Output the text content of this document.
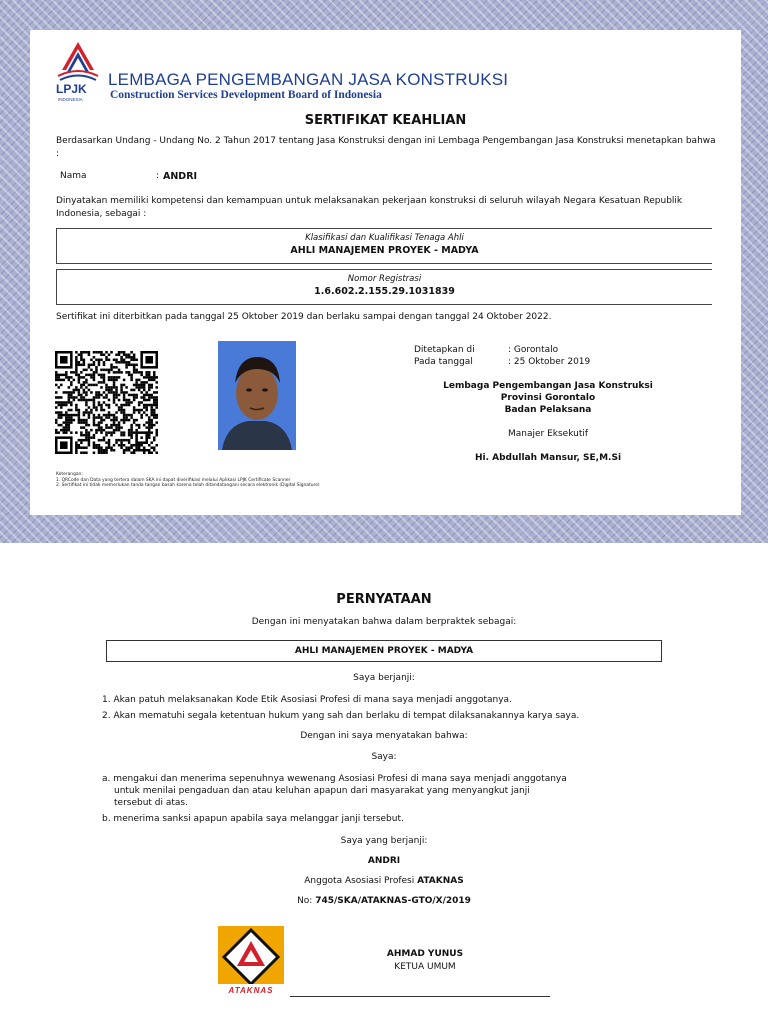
LPJK
INDONESIA
LEMBAGA PENGEMBANGAN JASA KONSTRUKSI
Construction Services Development Board of Indonesia
SERTIFIKAT KEAHLIAN
Berdasarkan Undang - Undang No. 2 Tahun 2017 tentang Jasa Konstruksi dengan ini Lembaga Pengembangan Jasa Konstruksi menetapkan bahwa :
Nama	: ANDRI
Dinyatakan memiliki kompetensi dan kemampuan untuk melaksanakan pekerjaan konstruksi di seluruh wilayah Negara Kesatuan Republik Indonesia, sebagai :
Klasifikasi dan Kualifikasi Tenaga Ahli
AHLI MANAJEMEN PROYEK - MADYA
Nomor Registrasi
1.6.602.2.155.29.1031839
Sertifikat ini diterbitkan pada tanggal 25 Oktober 2019 dan berlaku sampai dengan tanggal 24 Oktober 2022.
Ditetapkan di	: Gorontalo
Pada tanggal	: 25 Oktober 2019
Lembaga Pengembangan Jasa Konstruksi
Provinsi Gorontalo
Badan Pelaksana
Manajer Eksekutif
Hi. Abdullah Mansur, SE,M.Si
Keterangan:
1. QRCode dan Data yang tertera dalam SKA ini dapat diverifikasi melalui Aplikasi LPJK Certificate Scanner
2. Sertifikat ini tidak memerlukan tanda tangan basah karena telah ditandatangani secara elektronik (Digital Signature)
PERNYATAAN
Dengan ini menyatakan bahwa dalam berpraktek sebagai:
AHLI MANAJEMEN PROYEK - MADYA
Saya berjanji:
1. Akan patuh melaksanakan Kode Etik Asosiasi Profesi di mana saya menjadi anggotanya.
2. Akan mematuhi segala ketentuan hukum yang sah dan berlaku di tempat dilaksanakannya karya saya.
Dengan ini saya menyatakan bahwa:
Saya:
a. mengakui dan menerima sepenuhnya wewenang Asosiasi Profesi di mana saya menjadi anggotanya
untuk menilai pengaduan dan atau keluhan apapun dari masyarakat yang menyangkut janji
tersebut di atas.
b. menerima sanksi apapun apabila saya melanggar janji tersebut.
Saya yang berjanji:
ANDRI
Anggota Asosiasi Profesi ATAKNAS
No: 745/SKA/ATAKNAS-GTO/X/2019
ATAKNAS
AHMAD YUNUS
KETUA UMUM
